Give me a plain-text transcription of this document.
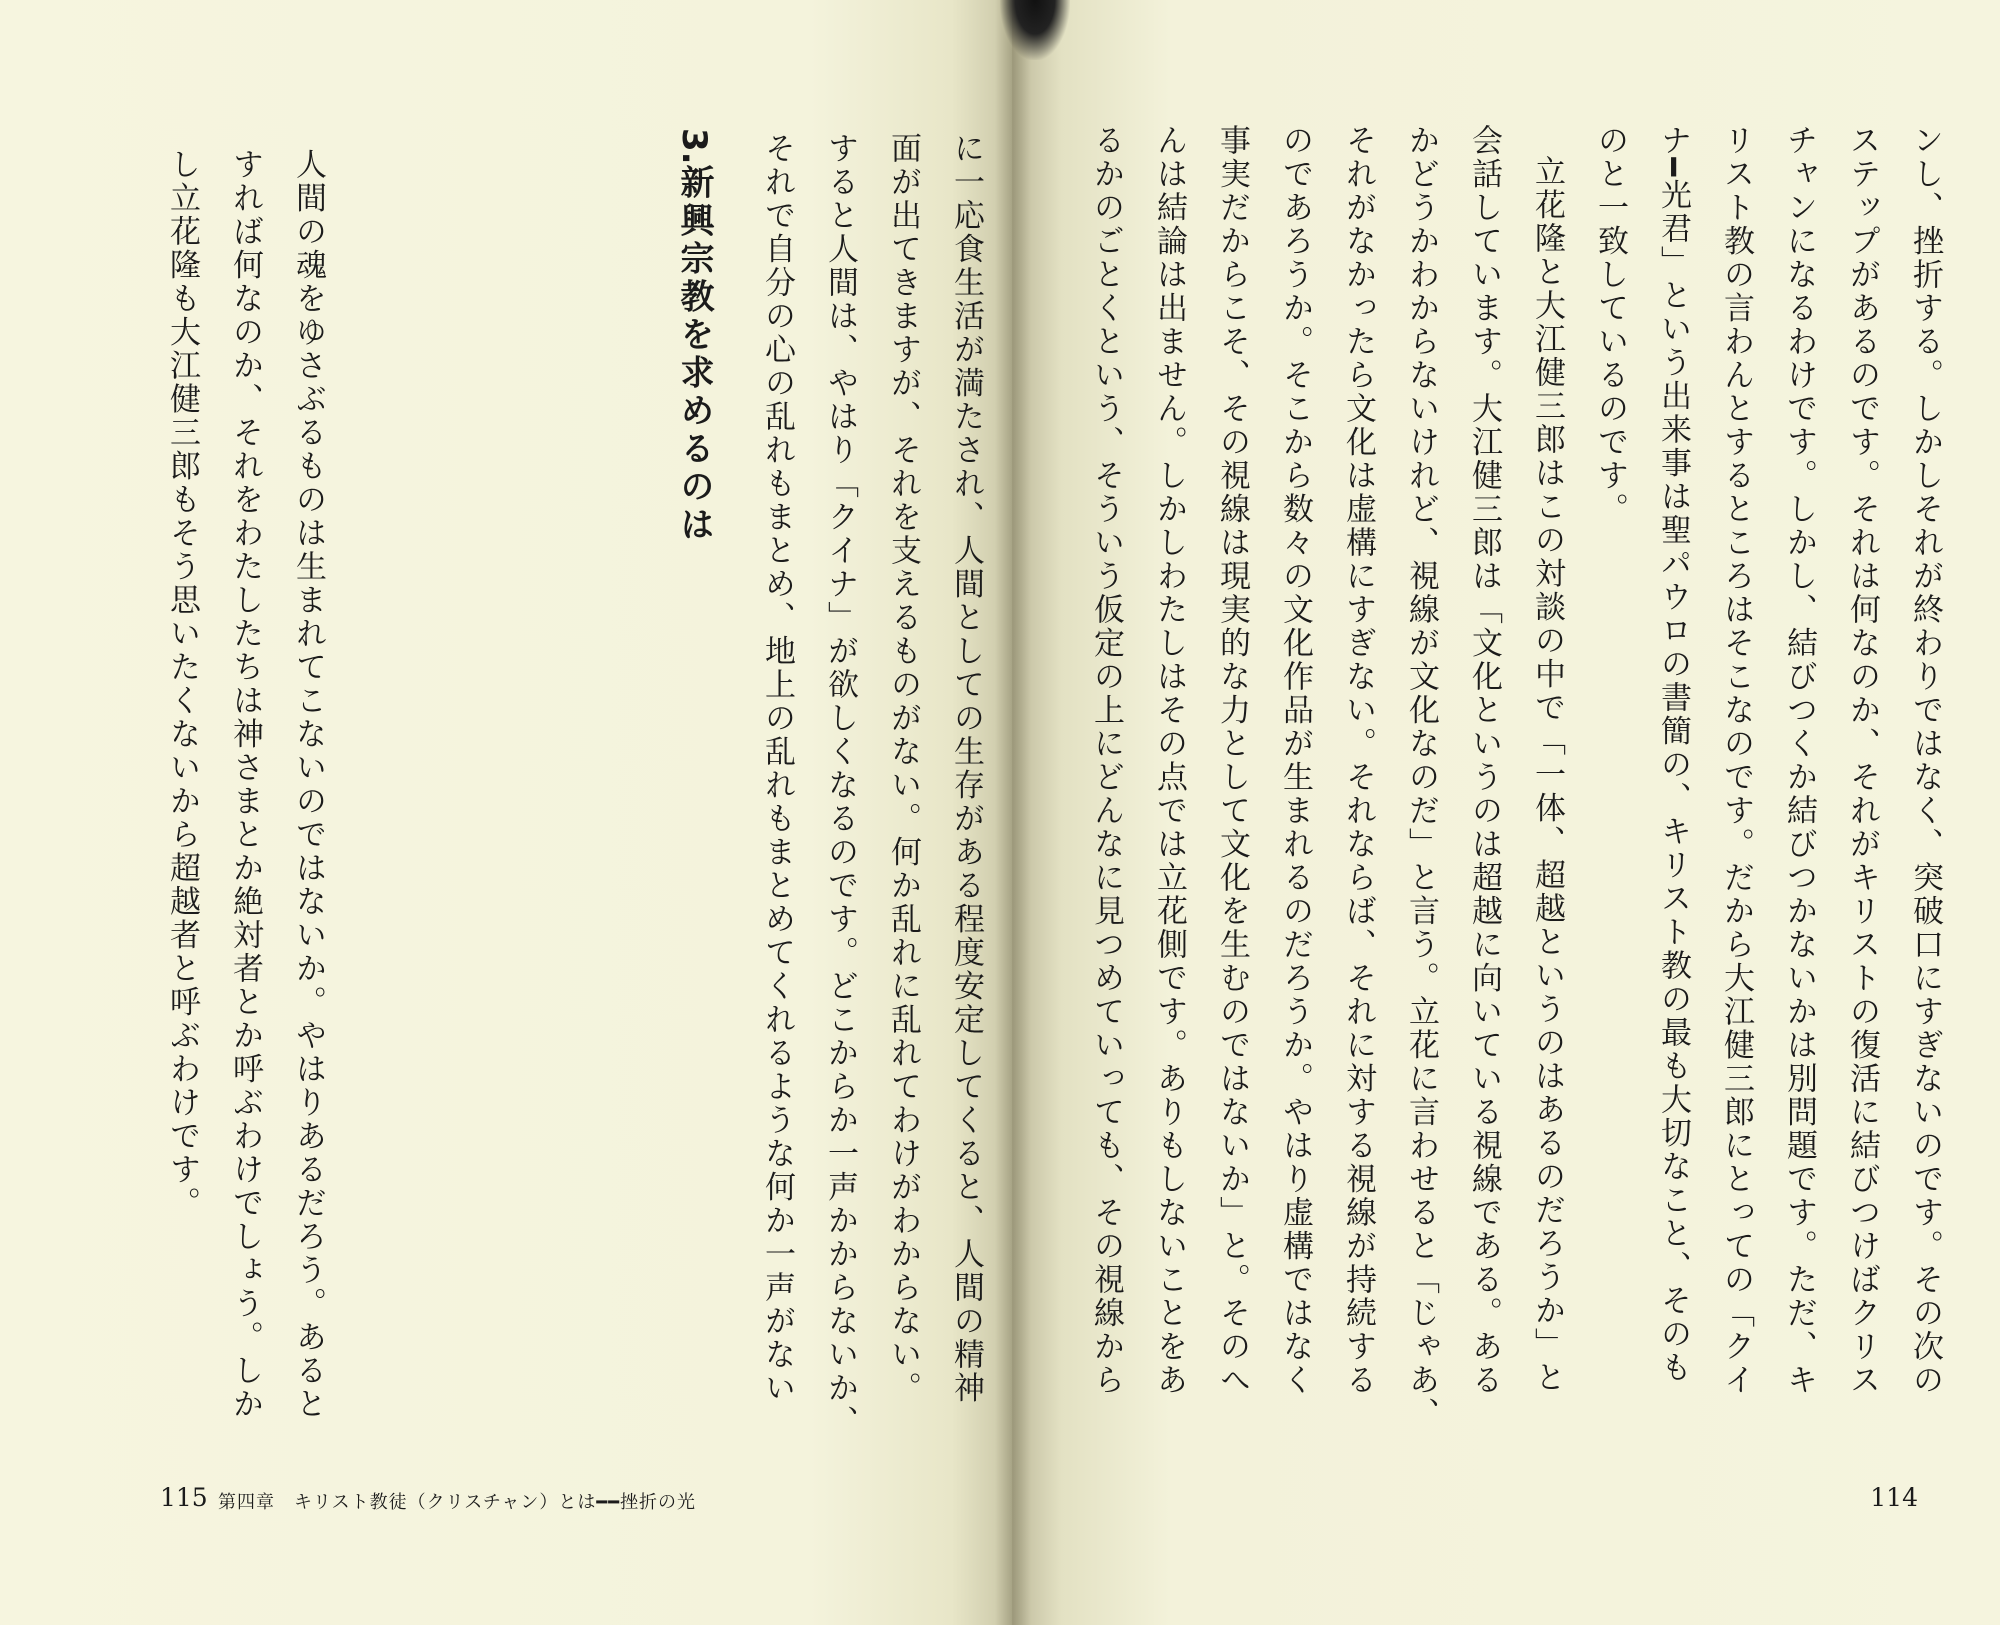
人間の魂をゆさぶるものは生まれてこないのではないか。やはりあるだろう。あると

すれば何なのか、それをわたしたちは神さまとか絶対者とか呼ぶわけでしょう。しか

し立花隆も大江健三郎もそう思いたくないから超越者と呼ぶわけです。

3.新興宗教を求めるのは	に一応食生活が満たされ、人間としての生存がある程度安定してくると、人間の精神

面が出てきますが、それを支えるものがない。何か乱れに乱れてわけがわからない。

すると人間は、やはり「クイナ」が欲しくなるのです。どこからか一声かからないか、

それで自分の心の乱れもまとめ、地上の乱れもまとめてくれるような何か一声がない

115 第四章　キリスト教徒（クリスチャン）とは━━挫折の光

ンし、挫折する。しかしそれが終わりではなく、突破口にすぎないのです。その次の

ステップがあるのです。それは何なのか、それがキリストの復活に結びつけばクリス

チャンになるわけです。しかし、結びつくか結びつかないかは別問題です。ただ、キ

リスト教の言わんとするところはそこなのです。だから大江健三郎にとっての「クイ

ナ━光君」という出来事は聖パウロの書簡の、キリスト教の最も大切なこと、そのも

のと一致しているのです。

立花隆と大江健三郎はこの対談の中で「一体、超越というのはあるのだろうか」と

会話しています。大江健三郎は「文化というのは超越に向いている視線である。ある

かどうかわからないけれど、視線が文化なのだ」と言う。立花に言わせると「じゃあ、

それがなかったら文化は虚構にすぎない。それならば、それに対する視線が持続する

のであろうか。そこから数々の文化作品が生まれるのだろうか。やはり虚構ではなく

事実だからこそ、その視線は現実的な力として文化を生むのではないか」と。そのへ

んは結論は出ません。しかしわたしはその点では立花側です。ありもしないことをあ

るかのごとくという、そういう仮定の上にどんなに見つめていっても、その視線から

114
